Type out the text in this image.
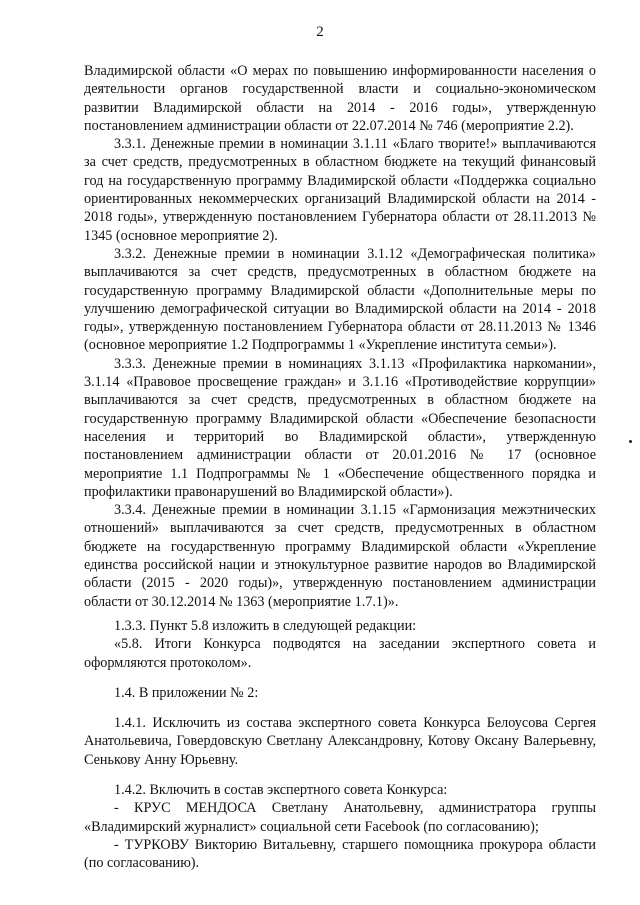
2

Владимирской области «О мерах по повышению информированности населения о деятельности органов государственной власти и социально-экономическом развитии Владимирской области на 2014 - 2016 годы», утвержденную постановлением администрации области от 22.07.2014 № 746 (мероприятие 2.2).

3.3.1. Денежные премии в номинации 3.1.11 «Благо творите!» выплачиваются за счет средств, предусмотренных в областном бюджете на текущий финансовый год на государственную программу Владимирской области «Поддержка социально ориентированных некоммерческих организаций Владимирской области на 2014 - 2018 годы», утвержденную постановлением Губернатора области от 28.11.2013 № 1345 (основное мероприятие 2).

3.3.2. Денежные премии в номинации 3.1.12 «Демографическая политика» выплачиваются за счет средств, предусмотренных в областном бюджете на государственную программу Владимирской области «Дополнительные меры по улучшению демографической ситуации во Владимирской области на 2014 - 2018 годы», утвержденную постановлением Губернатора области от 28.11.2013 № 1346 (основное мероприятие 1.2 Подпрограммы 1 «Укрепление института семьи»).

3.3.3. Денежные премии в номинациях 3.1.13 «Профилактика наркомании», 3.1.14 «Правовое просвещение граждан» и 3.1.16 «Противодействие коррупции» выплачиваются за счет средств, предусмотренных в областном бюджете на государственную программу Владимирской области «Обеспечение безопасности населения и территорий во Владимирской области», утвержденную постановлением администрации области от 20.01.2016 № 17 (основное мероприятие 1.1 Подпрограммы № 1 «Обеспечение общественного порядка и профилактики правонарушений во Владимирской области»).

3.3.4. Денежные премии в номинации 3.1.15 «Гармонизация межэтнических отношений» выплачиваются за счет средств, предусмотренных в областном бюджете на государственную программу Владимирской области «Укрепление единства российской нации и этнокультурное развитие народов во Владимирской области (2015 - 2020 годы)», утвержденную постановлением администрации области от 30.12.2014 № 1363 (мероприятие 1.7.1)».

1.3.3. Пункт 5.8 изложить в следующей редакции:

«5.8. Итоги Конкурса подводятся на заседании экспертного совета и оформляются протоколом».

1.4. В приложении № 2:

1.4.1. Исключить из состава экспертного совета Конкурса Белоусова Сергея Анатольевича, Говердовскую Светлану Александровну, Котову Оксану Валерьевну, Сенькову Анну Юрьевну.

1.4.2. Включить в состав экспертного совета Конкурса:

- КРУС МЕНДОСА Светлану Анатольевну, администратора группы «Владимирский журналист» социальной сети Facebook (по согласованию);

- ТУРКОВУ Викторию Витальевну, старшего помощника прокурора области (по согласованию).
